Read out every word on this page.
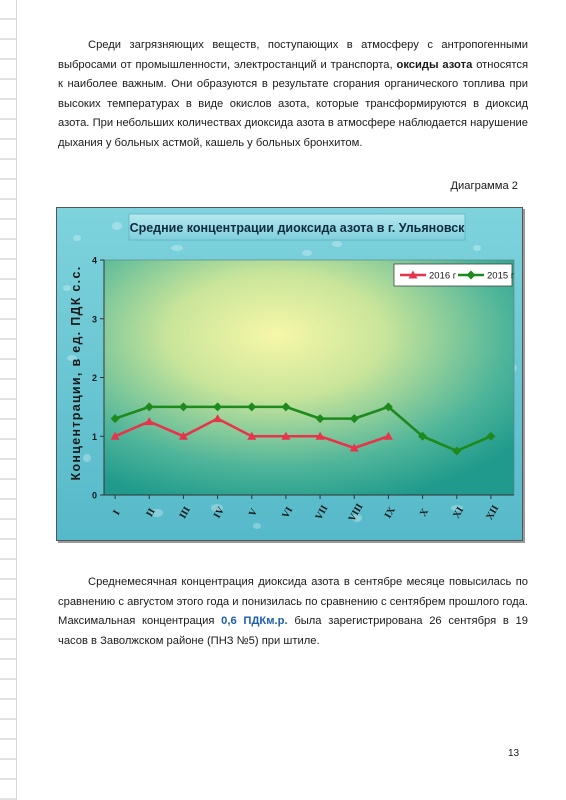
Среди загрязняющих веществ, поступающих в атмосферу с антропогенными выбросами от промышленности, электростанций и транспорта, оксиды азота относятся к наиболее важным. Они образуются в результате сгорания органического топлива при высоких температурах в виде окислов азота, которые трансформируются в диоксид азота. При небольших количествах диоксида азота в атмосфере наблюдается нарушение дыхания у больных астмой, кашель у больных бронхитом.

Диаграмма 2
Средние концентрации диоксида азота в г. Ульяновск
Концентрации, в ед. ПДК с.с.
0
1
2
3
4
I II III IV V VI VII VIII IX X XI XII
2016 г	2015 г

Среднемесячная концентрация диоксида азота в сентябре месяце повысилась по сравнению с августом этого года и понизилась по сравнению с сентябрем прошлого года. Максимальная концентрация 0,6 ПДКм.р. была зарегистрирована 26 сентября в 19 часов в Заволжском районе (ПНЗ №5) при штиле.

13
